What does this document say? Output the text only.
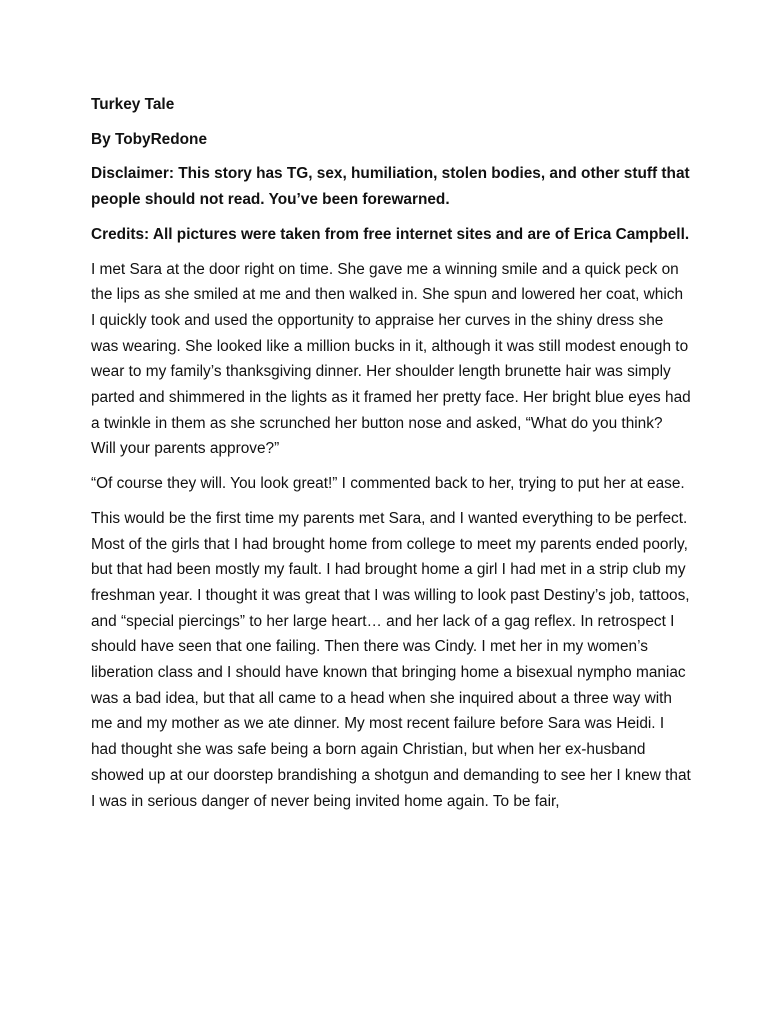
Turkey Tale

By TobyRedone

Disclaimer: This story has TG, sex, humiliation, stolen bodies, and other stuff that people should not read. You’ve been forewarned.

Credits: All pictures were taken from free internet sites and are of Erica Campbell.

I met Sara at the door right on time. She gave me a winning smile and a quick peck on the lips as she smiled at me and then walked in. She spun and lowered her coat, which I quickly took and used the opportunity to appraise her curves in the shiny dress she was wearing. She looked like a million bucks in it, although it was still modest enough to wear to my family’s thanksgiving dinner. Her shoulder length brunette hair was simply parted and shimmered in the lights as it framed her pretty face. Her bright blue eyes had a twinkle in them as she scrunched her button nose and asked, “What do you think? Will your parents approve?”

“Of course they will. You look great!” I commented back to her, trying to put her at ease.

This would be the first time my parents met Sara, and I wanted everything to be perfect. Most of the girls that I had brought home from college to meet my parents ended poorly, but that had been mostly my fault. I had brought home a girl I had met in a strip club my freshman year. I thought it was great that I was willing to look past Destiny’s job, tattoos, and “special piercings” to her large heart… and her lack of a gag reflex. In retrospect I should have seen that one failing. Then there was Cindy. I met her in my women’s liberation class and I should have known that bringing home a bisexual nympho maniac was a bad idea, but that all came to a head when she inquired about a three way with me and my mother as we ate dinner. My most recent failure before Sara was Heidi. I had thought she was safe being a born again Christian, but when her ex-husband showed up at our doorstep brandishing a shotgun and demanding to see her I knew that I was in serious danger of never being invited home again. To be fair,
